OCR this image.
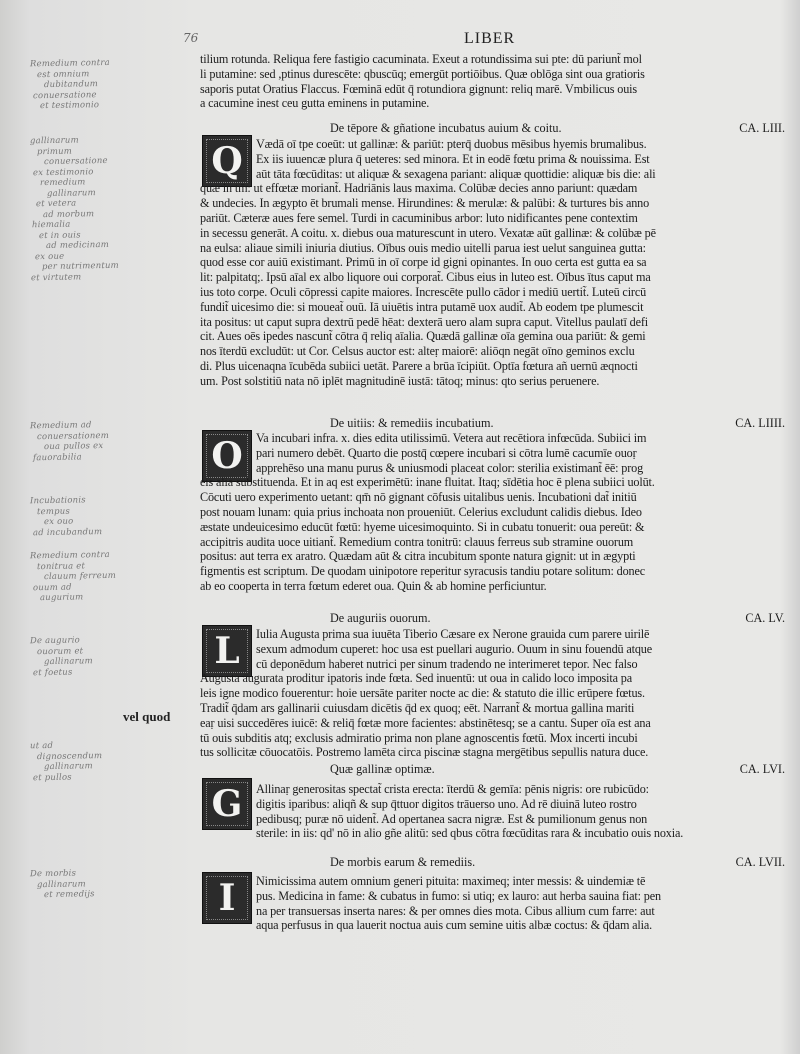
Remedium contra
est omnium
dubitandum
conuersatione
et testimonio
gallinarum
primum
conuersatione
ex testimonio
remedium
gallinarum
et vetera
ad morbum
hiemalia
et in ouis
ad medicinam
ex oue
per nutrimentum
et virtutem
Remedium ad
conuersationem
oua pullos ex
fauorabilia
Incubationis
tempus
ex ouo
ad incubandum
Remedium contra
tonitrua et
clauum ferreum
ouum ad
augurium
De augurio
ouorum et
gallinarum
et foetus
ut ad
dignoscendum
gallinarum
et pullos
De morbis
gallinarum
et remedijs
vel quod
76	LIBER
tilium rotunda. Reliqua fere fastigio cacuminata. Exeut a rotundissima sui pte: dū pariunt̃ mol
li putamine: sed ,ptinus durescēte: qbuscūq; emergūt portiōibus. Quæ oblōga sint oua gratioris
saporis putat Oratius Flaccus. Fœminā edūt q̄ rotundiora gignunt: reliq marē. Vmbilicus ouis
a cacumine inest ceu gutta eminens in putamine.
De tēpore & gñatione incubatus auium & coitu.	CA. LIII.
Q	Vædā oī tpe coeūt: ut gallinæ: & pariūt: pterq̄ duobus mēsibus hyemis brumalibus.
Ex iis iuuencæ plura q̄ ueteres: sed minora. Et in eodē fœtu prima & nouissima. Est
aūt tāta fœcūditas: ut aliquæ & sexagena pariant: aliquæ quottidie: aliquæ bis die: ali
quæ in tm̄: ut effœtæ moriant̃. Hadriānis laus maxima. Colūbæ decies anno pariunt: quædam
& undecies. In ægypto ēt brumali mense. Hirundines: & merulæ: & palūbi: & turtures bis anno
pariūt. Cæteræ aues fere semel. Turdi in cacuminibus arbor: luto nidificantes pene contextim
in secessu generāt. A coitu. x. diebus oua maturescunt in utero. Vexatæ aūt gallinæ: & colūbæ pē
na eulsa: aliaue simili iniuria diutius. Oībus ouis medio uitelli parua iest uelut sanguinea gutta:
quod esse cor auiū existimant. Primū in oī corpe id gigni opinantes. In ouo certa est gutta ea sa
lit: palpitatq;. Ipsū aīal ex albo liquore oui corporat̃. Cibus eius in luteo est. Oībus ītus caput ma
ius toto corpe. Oculi cōpressi capite maiores. Increscēte pullo cādor i mediū uertit̃. Luteū circū
fundit̃ uicesimo die: si moueat̃ ouū. Iā uiuētis intra putamē uox audit̃. Ab eodem tpe plumescit
ita positus: ut caput supra dextrū pedē hēat: dexterā uero alam supra caput. Vitellus paulatī defi
cit. Aues oēs ipedes nascunt̃ cōtra q̄ reliq aīalia. Quædā gallinæ oīa gemina oua pariūt: & gemi
nos īterdū excludūt: ut Cor. Celsus auctor est: alteṛ maiorē: aliōqn negāt oīno geminos exclu
di. Plus uicenaqna īcubēda subiici uetāt. Parere a brūa īcipiūt. Optīa fœtura añ uernū æqnocti
um. Post solstitiū nata nō iplēt magnitudinē iustā: tātoq; minus: qto serius peruenere.
De uitiis: & remediis incubatium.	CA. LIIII.
O	Va incubari infra. x. dies edita utilissimū. Vetera aut recētiora infœcūda. Subiici im
pari numero debēt. Quarto die postq̄ cœpere incubari si cōtra lumē cacumīe ouoṛ
apprehēso una manu purus & uniusmodi placeat color: sterilia existimant̃ ēē: prog
eis alia substituenda. Et in aq est experimētū: inane fluitat. Itaq; sīdētia hoc ē plena subiici uolūt.
Cōcuti uero experimento uetant: qm̄ nō gignant cōfusis uitalibus uenis. Incubationi dat̃ initiū
post nouam lunam: quia prius inchoata non proueniūt. Celerius excludunt calidis diebus. Ideo
æstate undeuicesimo educūt fœtū: hyeme uicesimoquinto. Si in cubatu tonuerit: oua pereūt: &
accipitris audita uoce uitiant̃. Remedium contra tonitrū: clauus ferreus sub stramine ouorum
positus: aut terra ex aratro. Quædam aūt & citra incubitum sponte natura gignit: ut in ægypti
figmentis est scriptum. De quodam uinipotore reperitur syracusis tandiu potare solitum: donec
ab eo cooperta in terra fœtum ederet oua. Quin & ab homine perficiuntur.
De auguriis ouorum.	CA. LV.
L	Iulia Augusta prima sua iuuēta Tiberio Cæsare ex Nerone grauida cum parere uirilē
sexum admodum cuperet: hoc usa est puellari augurio. Ouum in sinu fouendū atque
cū deponēdum haberet nutrici per sinum tradendo ne interimeret tepor. Nec falso
Augusta augurata proditur ipatoris inde fœta. Sed inuentū: ut oua in calido loco imposita pa
leis igne modico fouerentur: hoie uersāte pariter nocte ac die: & statuto die illic erūpere fœtus.
Tradit̃ q̄dam ars gallinarii cuiusdam dicētis q̄d ex quoq; eēt. Narrant̃ & mortua gallina mariti
eaṛ uisi succedēres iuicē: & reliq̄ fœtæ more facientes: abstinētesq; se a cantu. Super oīa est ana
tū ouis subditis atq; exclusis admiratio prima non plane agnoscentis fœtū. Mox incerti incubi
tus sollicitæ cōuocatōis. Postremo lamēta circa piscinæ stagna mergētibus sepullis natura duce.
Quæ gallinæ optimæ.	CA. LVI.
G	Allinaṛ generositas spectat̃ crista erecta: īterdū & gemīa: pēnis nigris: ore rubicūdo:
digitis iparibus: aliqñ & sup q̄ttuor digitos trāuerso uno. Ad rē diuinā luteo rostro
pedibusq; puræ nō uident̃. Ad opertanea sacra nigræ. Est & pumilionum genus non
sterile: in iis: qd' nō in alio gñe alitū: sed qbus cōtra fœcūditas rara & incubatio ouis noxia.
De morbis earum & remediis.	CA. LVII.
I	Nimicissima autem omnium generi pituita: maximeq; inter messis: & uindemiæ tē
pus. Medicina in fame: & cubatus in fumo: si utiq; ex lauro: aut herba sauina fiat: pen
na per transuersas inserta nares: & per omnes dies mota. Cibus allium cum farre: aut
aqua perfusus in qua lauerit noctua auis cum semine uitis albæ coctus: & q̄dam alia.
